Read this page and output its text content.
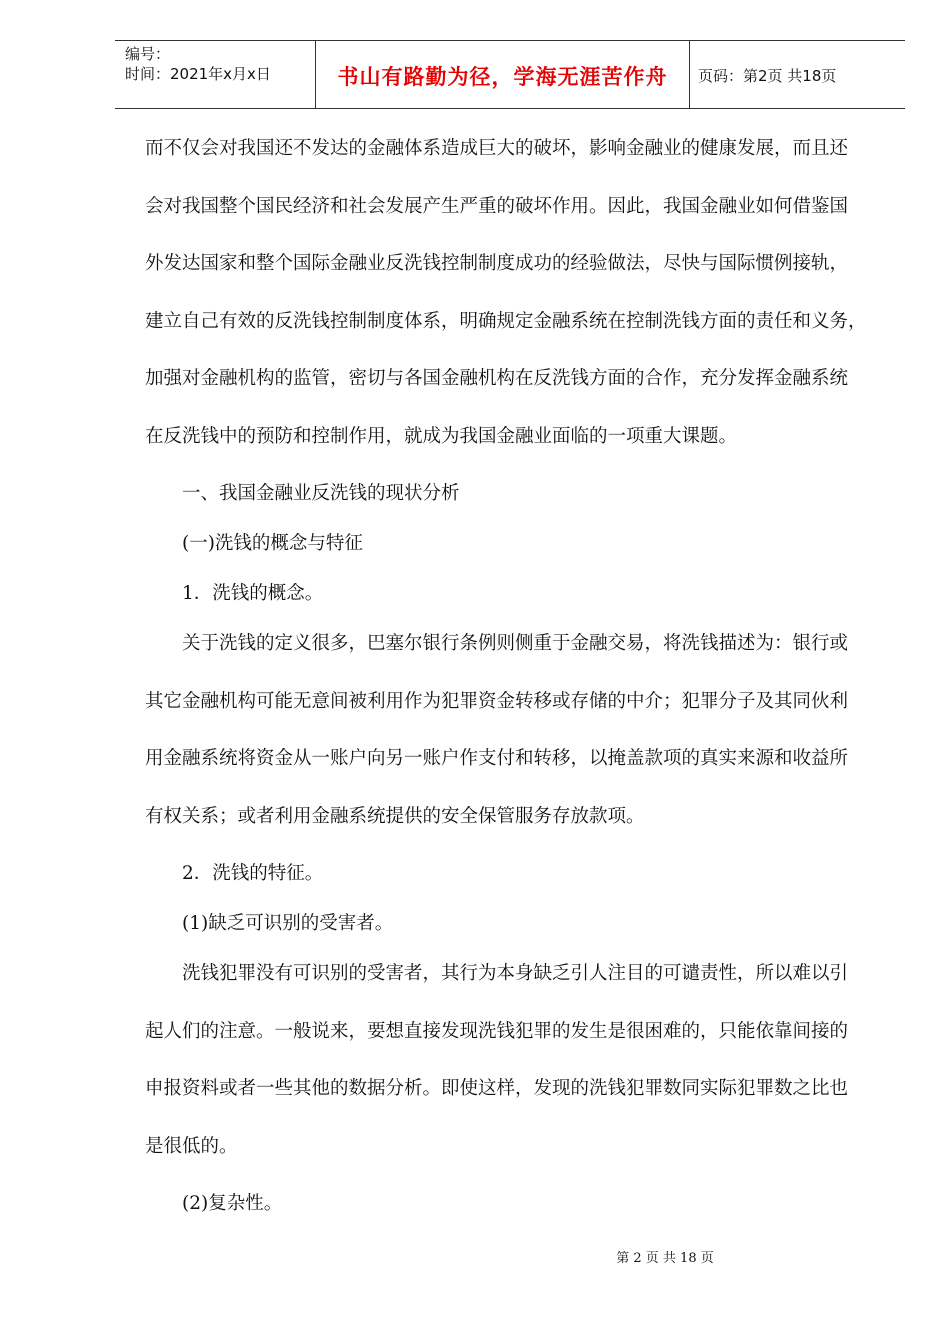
编号：
时间：2021年x月x日	书山有路勤为径，学海无涯苦作舟	页码：第2页 共18页
而不仅会对我国还不发达的金融体系造成巨大的破坏，影响金融业的健康发展，而且还
会对我国整个国民经济和社会发展产生严重的破坏作用。因此，我国金融业如何借鉴国
外发达国家和整个国际金融业反洗钱控制制度成功的经验做法，尽快与国际惯例接轨，
建立自己有效的反洗钱控制制度体系，明确规定金融系统在控制洗钱方面的责任和义务，
加强对金融机构的监管，密切与各国金融机构在反洗钱方面的合作，充分发挥金融系统
在反洗钱中的预防和控制作用，就成为我国金融业面临的一项重大课题。
一、我国金融业反洗钱的现状分析
(一)洗钱的概念与特征
1．洗钱的概念。
关于洗钱的定义很多，巴塞尔银行条例则侧重于金融交易，将洗钱描述为：银行或
其它金融机构可能无意间被利用作为犯罪资金转移或存储的中介；犯罪分子及其同伙利
用金融系统将资金从一账户向另一账户作支付和转移，以掩盖款项的真实来源和收益所
有权关系；或者利用金融系统提供的安全保管服务存放款项。
2．洗钱的特征。
(1)缺乏可识别的受害者。
洗钱犯罪没有可识别的受害者，其行为本身缺乏引人注目的可谴责性，所以难以引
起人们的注意。一般说来，要想直接发现洗钱犯罪的发生是很困难的，只能依靠间接的
申报资料或者一些其他的数据分析。即使这样，发现的洗钱犯罪数同实际犯罪数之比也
是很低的。
(2)复杂性。
第 2 页 共 18 页
